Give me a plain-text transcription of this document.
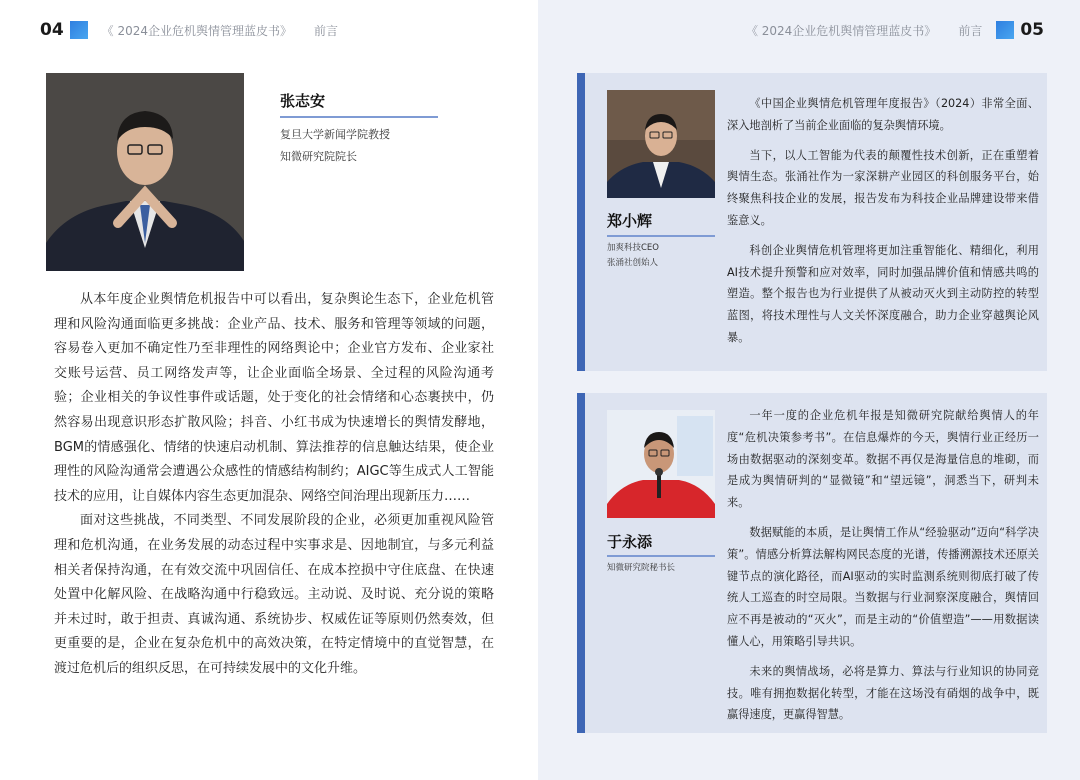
04	《 2024企业危机舆情管理蓝皮书》 前言
张志安
复旦大学新闻学院教授
知微研究院院长

从本年度企业舆情危机报告中可以看出，复杂舆论生态下，企业危机管理和风险沟通面临更多挑战：企业产品、技术、服务和管理等领域的问题，容易卷入更加不确定性乃至非理性的网络舆论中；企业官方发布、企业家社交账号运营、员工网络发声等，让企业面临全场景、全过程的风险沟通考验；企业相关的争议性事件或话题，处于变化的社会情绪和心态裹挟中，仍然容易出现意识形态扩散风险；抖音、小红书成为快速增长的舆情发酵地，BGM的情感强化、情绪的快速启动机制、算法推荐的信息触达结果，使企业理性的风险沟通常会遭遇公众感性的情感结构制约；AIGC等生成式人工智能技术的应用，让自媒体内容生态更加混杂、网络空间治理出现新压力……

面对这些挑战，不同类型、不同发展阶段的企业，必须更加重视风险管理和危机沟通，在业务发展的动态过程中实事求是、因地制宜，与多元利益相关者保持沟通，在有效交流中巩固信任、在成本控损中守住底盘、在快速处置中化解风险、在战略沟通中行稳致远。主动说、及时说、充分说的策略并未过时，敢于担责、真诚沟通、系统协步、权威佐证等原则仍然奏效，但更重要的是，企业在复杂危机中的高效决策，在特定情境中的直觉智慧，在渡过危机后的组织反思，在可持续发展中的文化升维。

《 2024企业危机舆情管理蓝皮书》 前言 05
郑小辉
加爽科技CEO
张涌社创始人

《中国企业舆情危机管理年度报告》（2024）非常全面、深入地剖析了当前企业面临的复杂舆情环境。

当下，以人工智能为代表的颠覆性技术创新，正在重塑着舆情生态。张涌社作为一家深耕产业园区的科创服务平台，始终聚焦科技企业的发展，报告发布为科技企业品牌建设带来借鉴意义。

科创企业舆情危机管理将更加注重智能化、精细化，利用AI技术提升预警和应对效率，同时加强品牌价值和情感共鸣的塑造。整个报告也为行业提供了从被动灭火到主动防控的转型蓝图，将技术理性与人文关怀深度融合，助力企业穿越舆论风暴。

于永添
知微研究院秘书长

一年一度的企业危机年报是知微研究院献给舆情人的年度“危机决策参考书”。在信息爆炸的今天，舆情行业正经历一场由数据驱动的深刻变革。数据不再仅是海量信息的堆砌，而是成为舆情研判的“显微镜”和“望远镜”，洞悉当下，研判未来。

数据赋能的本质，是让舆情工作从“经验驱动”迈向“科学决策”。情感分析算法解构网民态度的光谱，传播溯源技术还原关键节点的演化路径，而AI驱动的实时监测系统则彻底打破了传统人工巡查的时空局限。当数据与行业洞察深度融合，舆情回应不再是被动的“灭火”，而是主动的“价值塑造”——用数据读懂人心，用策略引导共识。

未来的舆情战场，必将是算力、算法与行业知识的协同竞技。唯有拥抱数据化转型，才能在这场没有硝烟的战争中，既赢得速度，更赢得智慧。
